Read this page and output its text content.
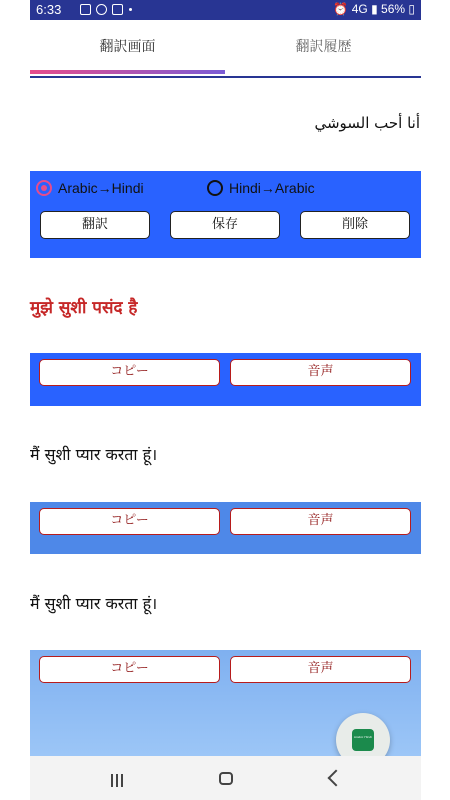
6:33	⏰ 4G ▮ 56% ▯
翻訳画面	翻訳履歴
أنا أحب السوشي
Arabic→Hindi	Hindi→Arabic
翻訳	保存	削除
मुझे सुशी पसंद है
コピー	音声
मैं सुशी प्यार करता हूं।
コピー	音声
मैं सुशी प्यार करता हूं।
コピー	音声
Arabic Hindi
